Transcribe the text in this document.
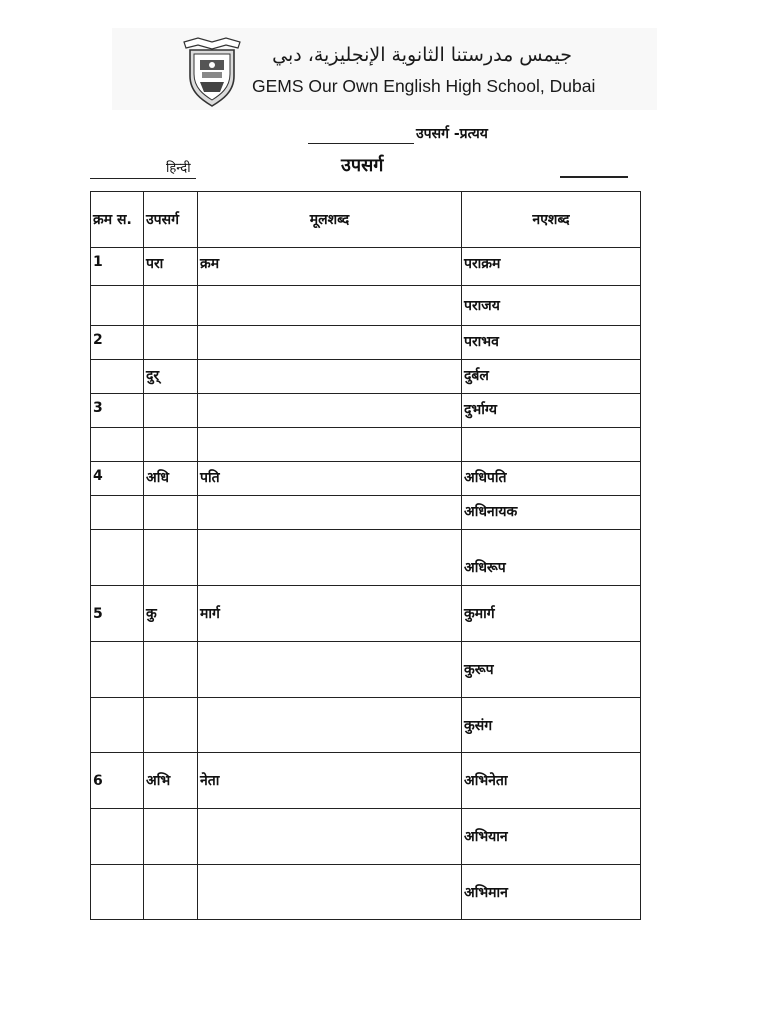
جيمس مدرستنا الثانوية الإنجليزية، دبي
GEMS Our Own English High School, Dubai
उपसर्ग -प्रत्यय
हिन्दी	उपसर्ग
क्रम स.	उपसर्ग	मूलशब्द	नएशब्द
1	परा	क्रम	पराक्रम
			पराजय
2			पराभव
	दुर्		दुर्बल
3			दुर्भाग्य

4	अधि	पति	अधिपति
			अधिनायक
			अधिरूप
5	कु	मार्ग	कुमार्ग
			कुरूप
			कुसंग
6	अभि	नेता	अभिनेता
			अभियान
			अभिमान
